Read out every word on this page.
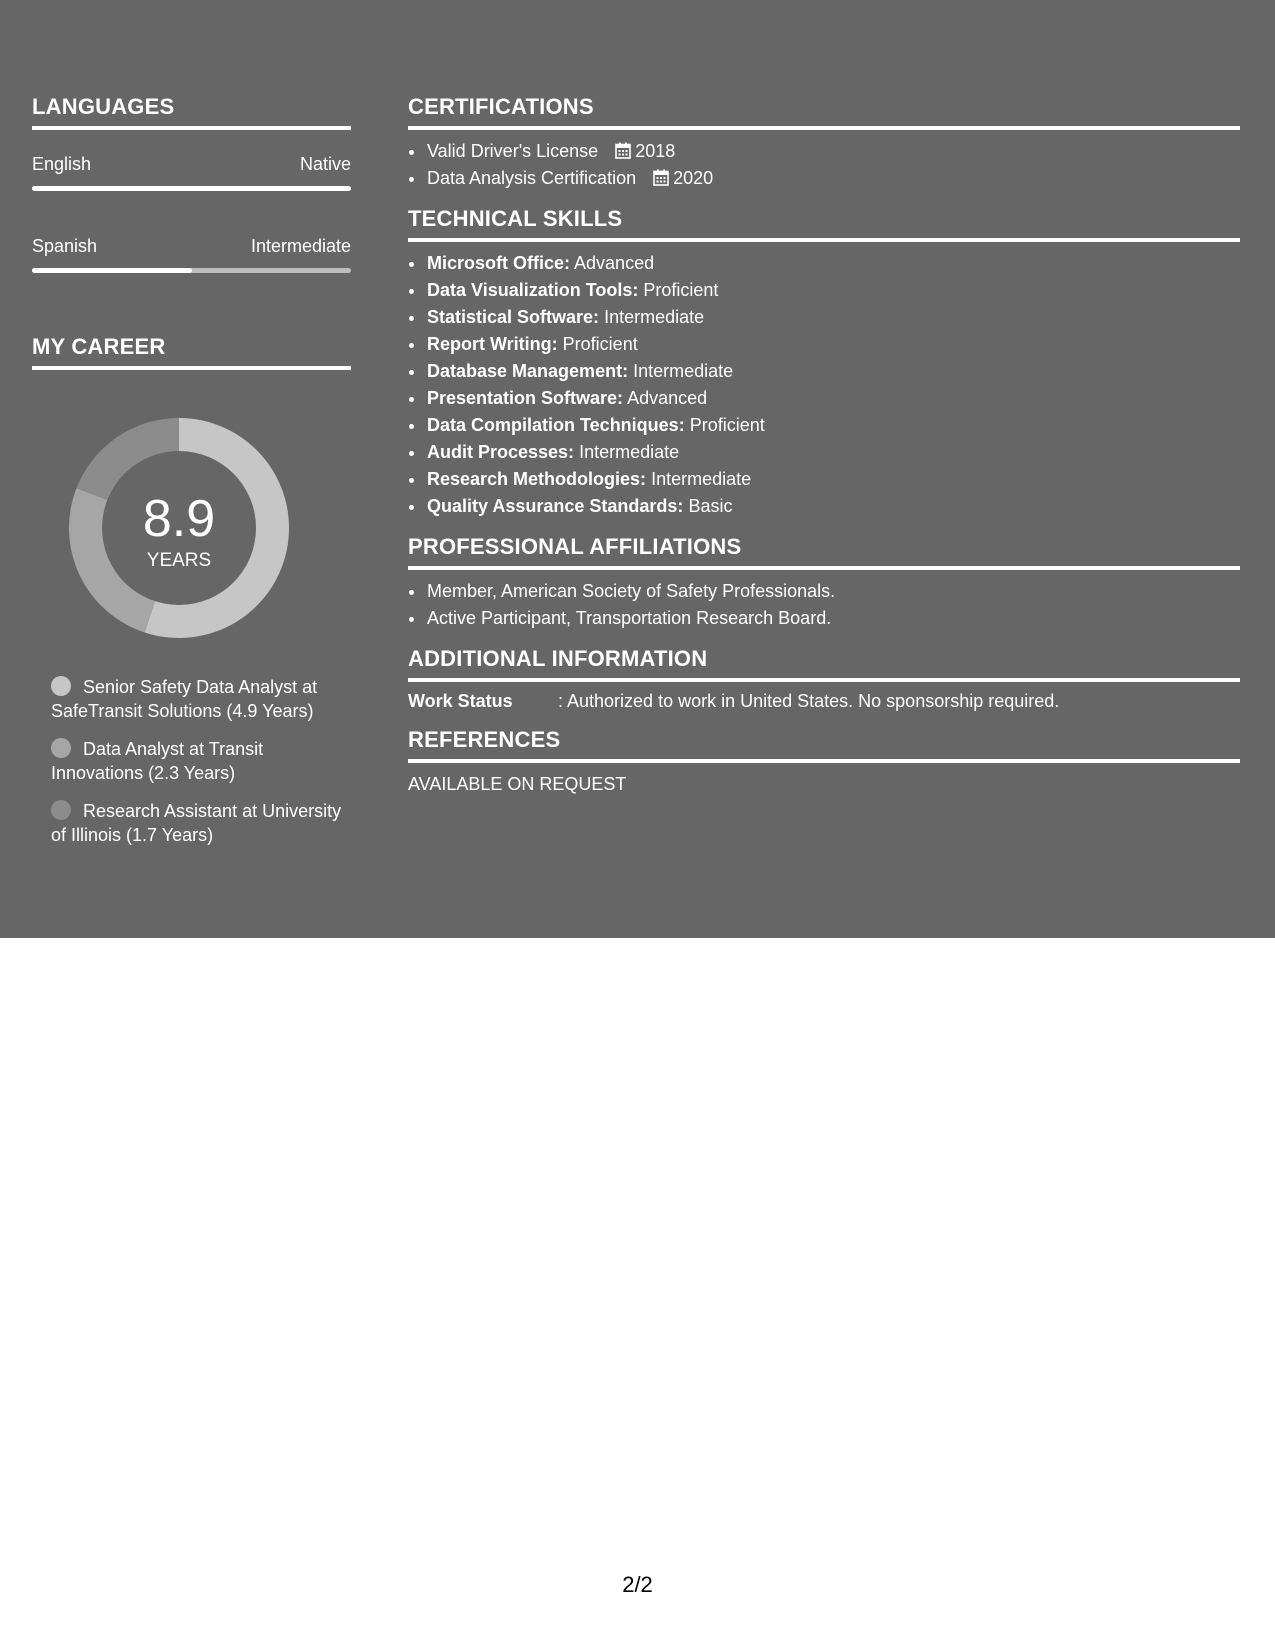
LANGUAGES
English	Native
Spanish	Intermediate
MY CAREER
8.9
YEARS
Senior Safety Data Analyst at SafeTransit Solutions (4.9 Years)
Data Analyst at Transit Innovations (2.3 Years)
Research Assistant at University of Illinois (1.7 Years)
CERTIFICATIONS
• Valid Driver's License 2018
• Data Analysis Certification 2020
TECHNICAL SKILLS
• Microsoft Office: Advanced
• Data Visualization Tools: Proficient
• Statistical Software: Intermediate
• Report Writing: Proficient
• Database Management: Intermediate
• Presentation Software: Advanced
• Data Compilation Techniques: Proficient
• Audit Processes: Intermediate
• Research Methodologies: Intermediate
• Quality Assurance Standards: Basic
PROFESSIONAL AFFILIATIONS
• Member, American Society of Safety Professionals.
• Active Participant, Transportation Research Board.
ADDITIONAL INFORMATION
Work Status	: Authorized to work in United States. No sponsorship required.
REFERENCES
AVAILABLE ON REQUEST
2/2
